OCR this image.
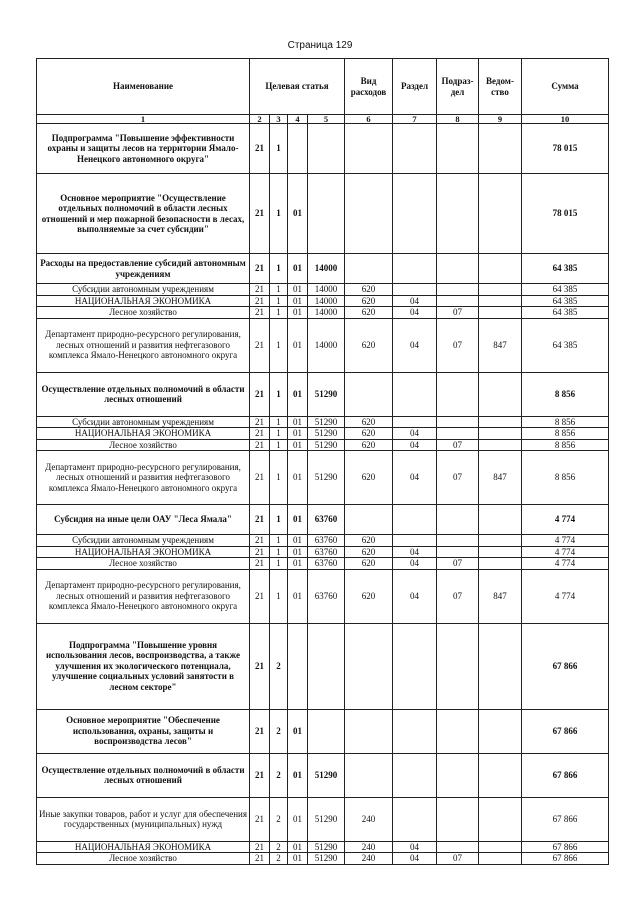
Страница 129
Наименование	Целевая статья				Вид расходов	Раздел	Подраз-дел	Ведом-ство	Сумма
1	2	3	4	5	6	7	8	9	10
Подпрограмма "Повышение эффективности охраны и защиты лесов на территории Ямало-Ненецкого автономного округа"	21	1							78 015
Основное мероприятие "Осуществление отдельных полномочий в области лесных отношений и мер пожарной безопасности в лесах, выполняемые за счет субсидии"	21	1	01						78 015
Расходы на предоставление субсидий автономным учреждениям	21	1	01	14000					64 385
Субсидии автономным учреждениям	21	1	01	14000	620				64 385
НАЦИОНАЛЬНАЯ ЭКОНОМИКА	21	1	01	14000	620	04			64 385
Лесное хозяйство	21	1	01	14000	620	04	07		64 385
Департамент природно-ресурсного регулирования, лесных отношений и развития нефтегазового комплекса Ямало-Ненецкого автономного округа	21	1	01	14000	620	04	07	847	64 385
Осуществление отдельных полномочий в области лесных отношений	21	1	01	51290					8 856
Субсидии автономным учреждениям	21	1	01	51290	620				8 856
НАЦИОНАЛЬНАЯ ЭКОНОМИКА	21	1	01	51290	620	04			8 856
Лесное хозяйство	21	1	01	51290	620	04	07		8 856
Департамент природно-ресурсного регулирования, лесных отношений и развития нефтегазового комплекса Ямало-Ненецкого автономного округа	21	1	01	51290	620	04	07	847	8 856
Субсидия на иные цели ОАУ "Леса Ямала"	21	1	01	63760					4 774
Субсидии автономным учреждениям	21	1	01	63760	620				4 774
НАЦИОНАЛЬНАЯ ЭКОНОМИКА	21	1	01	63760	620	04			4 774
Лесное хозяйство	21	1	01	63760	620	04	07		4 774
Департамент природно-ресурсного регулирования, лесных отношений и развития нефтегазового комплекса Ямало-Ненецкого автономного округа	21	1	01	63760	620	04	07	847	4 774
Подпрограмма "Повышение уровня использования лесов, воспроизводства, а также улучшения их экологического потенциала, улучшение социальных условий занятости в лесном секторе"	21	2							67 866
Основное мероприятие "Обеспечение использования, охраны, защиты и воспроизводства лесов"	21	2	01						67 866
Осуществление отдельных полномочий в области лесных отношений	21	2	01	51290					67 866
Иные закупки товаров, работ и услуг для обеспечения государственных (муниципальных) нужд	21	2	01	51290	240				67 866
НАЦИОНАЛЬНАЯ ЭКОНОМИКА	21	2	01	51290	240	04			67 866
Лесное хозяйство	21	2	01	51290	240	04	07		67 866
